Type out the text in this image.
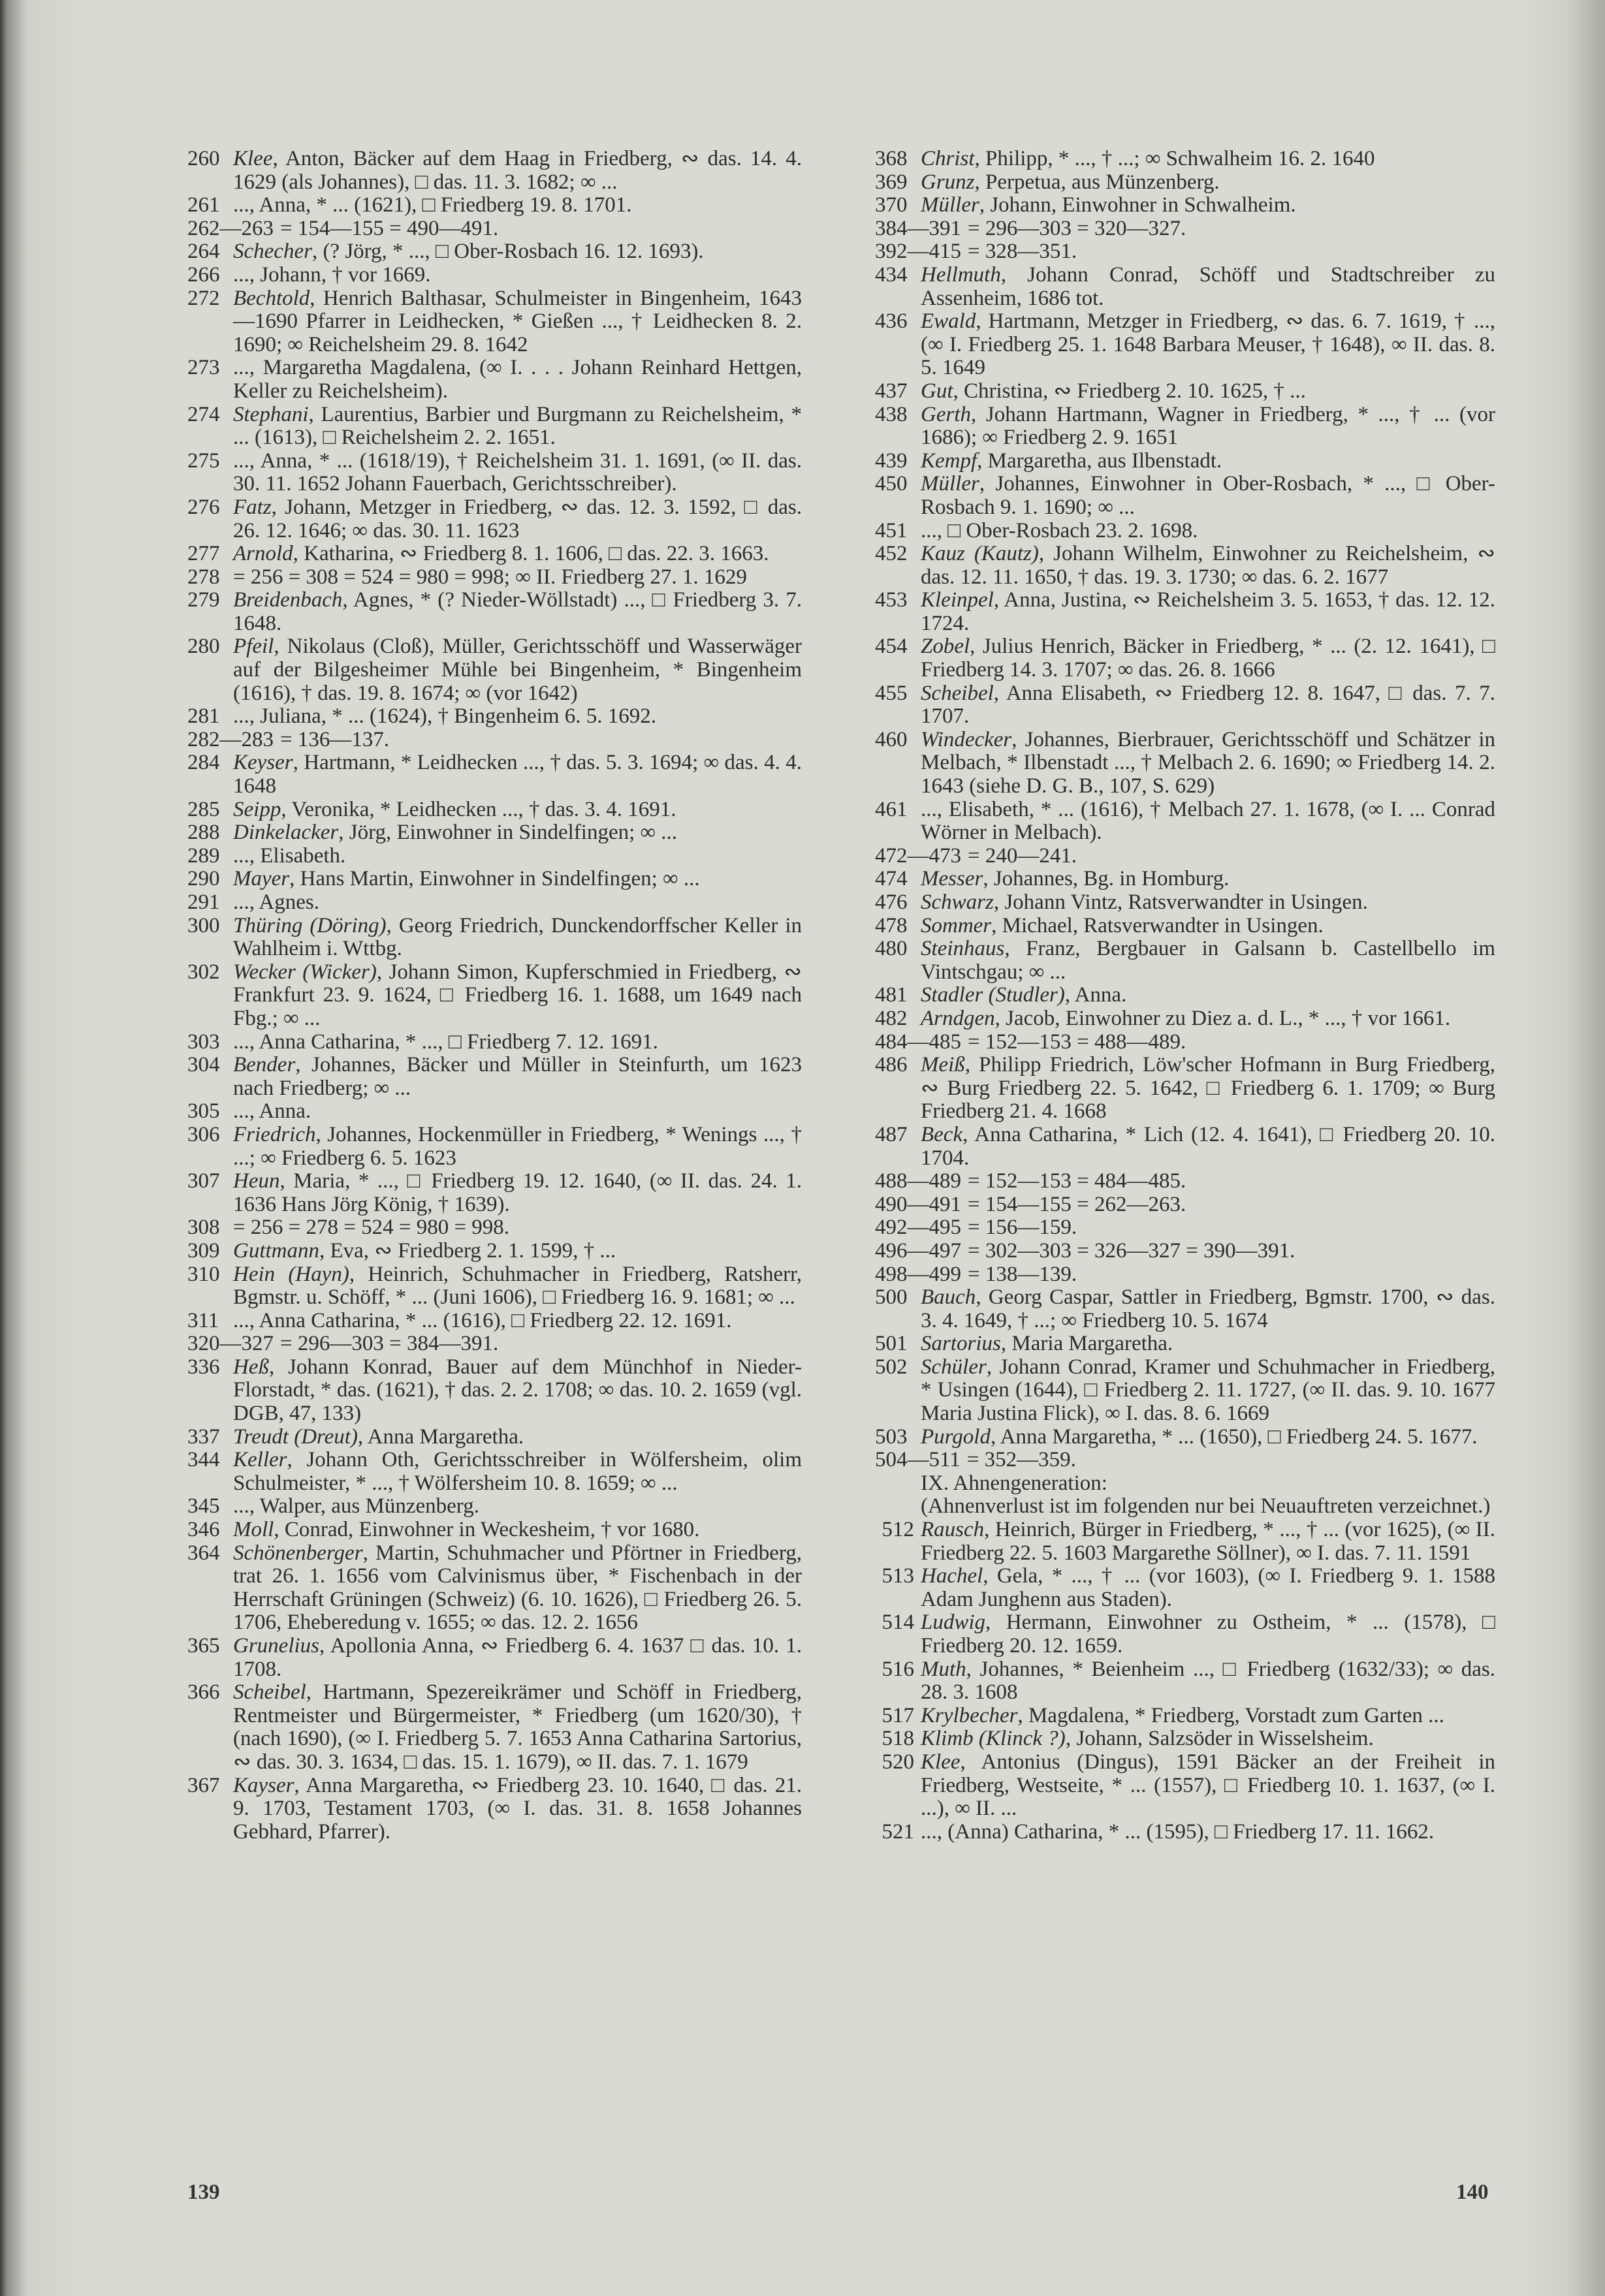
260 Klee, Anton, Bäcker auf dem Haag in Friedberg, ∾ das. 14. 4. 1629 (als Johannes), □ das. 11. 3. 1682; ∞ ...

261 ..., Anna, * ... (1621), □ Friedberg 19. 8. 1701.

262—263 = 154—155 = 490—491.

264 Schecher, (? Jörg, * ..., □ Ober-Rosbach 16. 12. 1693).

266 ..., Johann, † vor 1669.

272 Bechtold, Henrich Balthasar, Schulmeister in Bingenheim, 1643—1690 Pfarrer in Leidhecken, * Gießen ..., † Leidhecken 8. 2. 1690; ∞ Reichelsheim 29. 8. 1642

273 ..., Margaretha Magdalena, (∞ I. . . . Johann Reinhard Hettgen, Keller zu Reichelsheim).

274 Stephani, Laurentius, Barbier und Burgmann zu Reichelsheim, * ... (1613), □ Reichelsheim 2. 2. 1651.

275 ..., Anna, * ... (1618/19), † Reichelsheim 31. 1. 1691, (∞ II. das. 30. 11. 1652 Johann Fauerbach, Gerichtsschreiber).

276 Fatz, Johann, Metzger in Friedberg, ∾ das. 12. 3. 1592, □ das. 26. 12. 1646; ∞ das. 30. 11. 1623

277 Arnold, Katharina, ∾ Friedberg 8. 1. 1606, □ das. 22. 3. 1663.

278 = 256 = 308 = 524 = 980 = 998; ∞ II. Friedberg 27. 1. 1629

279 Breidenbach, Agnes, * (? Nieder-Wöllstadt) ..., □ Friedberg 3. 7. 1648.

280 Pfeil, Nikolaus (Cloß), Müller, Gerichtsschöff und Wasserwäger auf der Bilgesheimer Mühle bei Bingenheim, * Bingenheim (1616), † das. 19. 8. 1674; ∞ (vor 1642)

281 ..., Juliana, * ... (1624), † Bingenheim 6. 5. 1692.

282—283 = 136—137.

284 Keyser, Hartmann, * Leidhecken ..., † das. 5. 3. 1694; ∞ das. 4. 4. 1648

285 Seipp, Veronika, * Leidhecken ..., † das. 3. 4. 1691.

288 Dinkelacker, Jörg, Einwohner in Sindelfingen; ∞ ...

289 ..., Elisabeth.

290 Mayer, Hans Martin, Einwohner in Sindelfingen; ∞ ...

291 ..., Agnes.

300 Thüring (Döring), Georg Friedrich, Dunckendorffscher Keller in Wahlheim i. Wttbg.

302 Wecker (Wicker), Johann Simon, Kupferschmied in Friedberg, ∾ Frankfurt 23. 9. 1624, □ Friedberg 16. 1. 1688, um 1649 nach Fbg.; ∞ ...

303 ..., Anna Catharina, * ..., □ Friedberg 7. 12. 1691.

304 Bender, Johannes, Bäcker und Müller in Steinfurth, um 1623 nach Friedberg; ∞ ...

305 ..., Anna.

306 Friedrich, Johannes, Hockenmüller in Friedberg, * Wenings ..., † ...; ∞ Friedberg 6. 5. 1623

307 Heun, Maria, * ..., □ Friedberg 19. 12. 1640, (∞ II. das. 24. 1. 1636 Hans Jörg König, † 1639).

308 = 256 = 278 = 524 = 980 = 998.

309 Guttmann, Eva, ∾ Friedberg 2. 1. 1599, † ...

310 Hein (Hayn), Heinrich, Schuhmacher in Friedberg, Ratsherr, Bgmstr. u. Schöff, * ... (Juni 1606), □ Friedberg 16. 9. 1681; ∞ ...

311 ..., Anna Catharina, * ... (1616), □ Friedberg 22. 12. 1691.

320—327 = 296—303 = 384—391.

336 Heß, Johann Konrad, Bauer auf dem Münchhof in Nieder-Florstadt, * das. (1621), † das. 2. 2. 1708; ∞ das. 10. 2. 1659 (vgl. DGB, 47, 133)

337 Treudt (Dreut), Anna Margaretha.

344 Keller, Johann Oth, Gerichtsschreiber in Wölfersheim, olim Schulmeister, * ..., † Wölfersheim 10. 8. 1659; ∞ ...

345 ..., Walper, aus Münzenberg.

346 Moll, Conrad, Einwohner in Weckesheim, † vor 1680.

364 Schönenberger, Martin, Schuhmacher und Pförtner in Friedberg, trat 26. 1. 1656 vom Calvinismus über, * Fischenbach in der Herrschaft Grüningen (Schweiz) (6. 10. 1626), □ Friedberg 26. 5. 1706, Eheberedung v. 1655; ∞ das. 12. 2. 1656

365 Grunelius, Apollonia Anna, ∾ Friedberg 6. 4. 1637 □ das. 10. 1. 1708.

366 Scheibel, Hartmann, Spezereikrämer und Schöff in Friedberg, Rentmeister und Bürgermeister, * Friedberg (um 1620/30), † (nach 1690), (∞ I. Friedberg 5. 7. 1653 Anna Catharina Sartorius, ∾ das. 30. 3. 1634, □ das. 15. 1. 1679), ∞ II. das. 7. 1. 1679

367 Kayser, Anna Margaretha, ∾ Friedberg 23. 10. 1640, □ das. 21. 9. 1703, Testament 1703, (∞ I. das. 31. 8. 1658 Johannes Gebhard, Pfarrer).

368 Christ, Philipp, * ..., † ...; ∞ Schwalheim 16. 2. 1640

369 Grunz, Perpetua, aus Münzenberg.

370 Müller, Johann, Einwohner in Schwalheim.

384—391 = 296—303 = 320—327.

392—415 = 328—351.

434 Hellmuth, Johann Conrad, Schöff und Stadtschreiber zu Assenheim, 1686 tot.

436 Ewald, Hartmann, Metzger in Friedberg, ∾ das. 6. 7. 1619, † ..., (∞ I. Friedberg 25. 1. 1648 Barbara Meuser, † 1648), ∞ II. das. 8. 5. 1649

437 Gut, Christina, ∾ Friedberg 2. 10. 1625, † ...

438 Gerth, Johann Hartmann, Wagner in Friedberg, * ..., † ... (vor 1686); ∞ Friedberg 2. 9. 1651

439 Kempf, Margaretha, aus Ilbenstadt.

450 Müller, Johannes, Einwohner in Ober-Rosbach, * ..., □ Ober-Rosbach 9. 1. 1690; ∞ ...

451 ..., □ Ober-Rosbach 23. 2. 1698.

452 Kauz (Kautz), Johann Wilhelm, Einwohner zu Reichelsheim, ∾ das. 12. 11. 1650, † das. 19. 3. 1730; ∞ das. 6. 2. 1677

453 Kleinpel, Anna, Justina, ∾ Reichelsheim 3. 5. 1653, † das. 12. 12. 1724.

454 Zobel, Julius Henrich, Bäcker in Friedberg, * ... (2. 12. 1641), □ Friedberg 14. 3. 1707; ∞ das. 26. 8. 1666

455 Scheibel, Anna Elisabeth, ∾ Friedberg 12. 8. 1647, □ das. 7. 7. 1707.

460 Windecker, Johannes, Bierbrauer, Gerichtsschöff und Schätzer in Melbach, * Ilbenstadt ..., † Melbach 2. 6. 1690; ∞ Friedberg 14. 2. 1643 (siehe D. G. B., 107, S. 629)

461 ..., Elisabeth, * ... (1616), † Melbach 27. 1. 1678, (∞ I. ... Conrad Wörner in Melbach).

472—473 = 240—241.

474 Messer, Johannes, Bg. in Homburg.

476 Schwarz, Johann Vintz, Ratsverwandter in Usingen.

478 Sommer, Michael, Ratsverwandter in Usingen.

480 Steinhaus, Franz, Bergbauer in Galsann b. Castellbello im Vintschgau; ∞ ...

481 Stadler (Studler), Anna.

482 Arndgen, Jacob, Einwohner zu Diez a. d. L., * ..., † vor 1661.

484—485 = 152—153 = 488—489.

486 Meiß, Philipp Friedrich, Löw'scher Hofmann in Burg Friedberg, ∾ Burg Friedberg 22. 5. 1642, □ Friedberg 6. 1. 1709; ∞ Burg Friedberg 21. 4. 1668

487 Beck, Anna Catharina, * Lich (12. 4. 1641), □ Friedberg 20. 10. 1704.

488—489 = 152—153 = 484—485.

490—491 = 154—155 = 262—263.

492—495 = 156—159.

496—497 = 302—303 = 326—327 = 390—391.

498—499 = 138—139.

500 Bauch, Georg Caspar, Sattler in Friedberg, Bgmstr. 1700, ∾ das. 3. 4. 1649, † ...; ∞ Friedberg 10. 5. 1674

501 Sartorius, Maria Margaretha.

502 Schüler, Johann Conrad, Kramer und Schuhmacher in Friedberg, * Usingen (1644), □ Friedberg 2. 11. 1727, (∞ II. das. 9. 10. 1677 Maria Justina Flick), ∞ I. das. 8. 6. 1669

503 Purgold, Anna Margaretha, * ... (1650), □ Friedberg 24. 5. 1677.

504—511 = 352—359.

IX. Ahnengeneration:

(Ahnenverlust ist im folgenden nur bei Neuauftreten verzeichnet.)

512 Rausch, Heinrich, Bürger in Friedberg, * ..., † ... (vor 1625), (∞ II. Friedberg 22. 5. 1603 Margarethe Söllner), ∞ I. das. 7. 11. 1591

513 Hachel, Gela, * ..., † ... (vor 1603), (∞ I. Friedberg 9. 1. 1588 Adam Junghenn aus Staden).

514 Ludwig, Hermann, Einwohner zu Ostheim, * ... (1578), □ Friedberg 20. 12. 1659.

516 Muth, Johannes, * Beienheim ..., □ Friedberg (1632/33); ∞ das. 28. 3. 1608

517 Krylbecher, Magdalena, * Friedberg, Vorstadt zum Garten ...

518 Klimb (Klinck ?), Johann, Salzsöder in Wisselsheim.

520 Klee, Antonius (Dingus), 1591 Bäcker an der Freiheit in Friedberg, Westseite, * ... (1557), □ Friedberg 10. 1. 1637, (∞ I. ...), ∞ II. ...

521 ..., (Anna) Catharina, * ... (1595), □ Friedberg 17. 11. 1662.

139	140
